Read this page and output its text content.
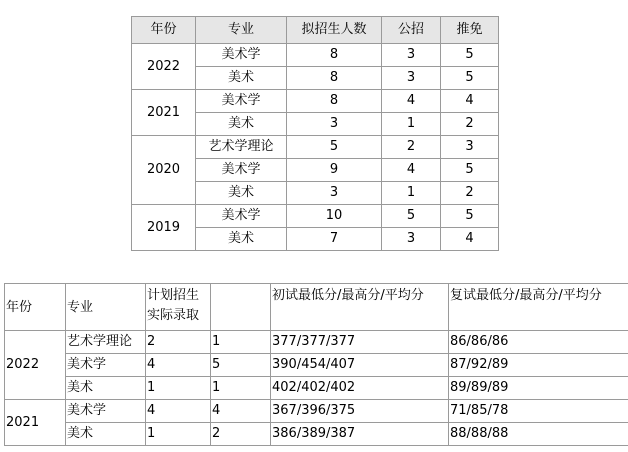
年份	专业	拟招生人数	公招	推免
2022	美术学	8	3	5
	美术	8	3	5
2021	美术学	8	4	4
	美术	3	1	2
2020	艺术学理论	5	2	3
	美术学	9	4	5
	美术	3	1	2
2019	美术学	10	5	5
	美术	7	3	4
年份	专业	计划招生实际录取		初试最低分/最高分/平均分	复试最低分/最高分/平均分
2022	艺术学理论	2	1	377/377/377	86/86/86
	美术学	4	5	390/454/407	87/92/89
	美术	1	1	402/402/402	89/89/89
2021	美术学	4	4	367/396/375	71/85/78
	美术	1	2	386/389/387	88/88/88
